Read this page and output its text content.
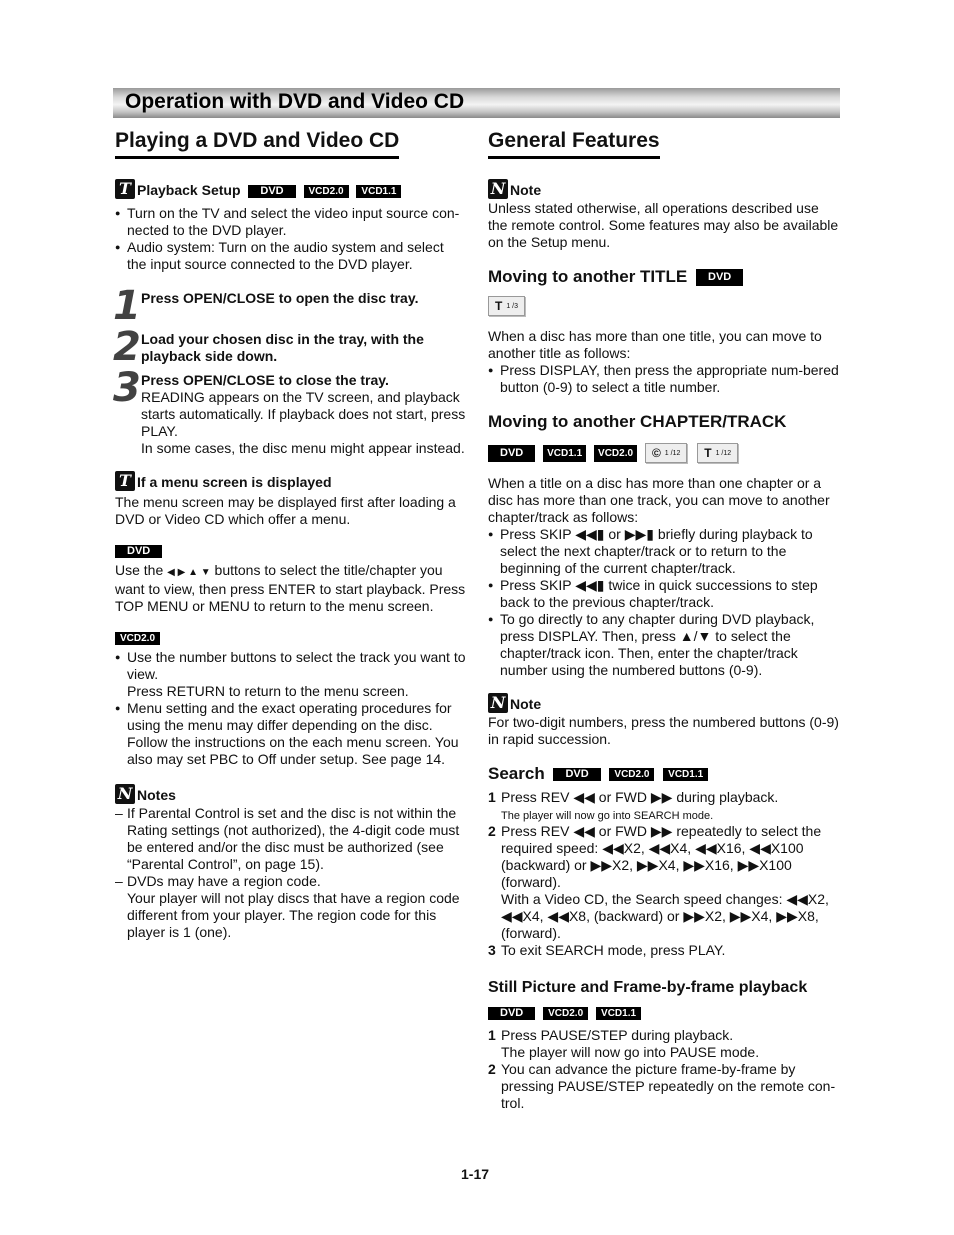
Operation with DVD and Video CD
Playing a DVD and Video CD
T Playback Setup DVD VCD2.0 VCD1.1
● Turn on the TV and select the video input source con-nected to the DVD player.
● Audio system: Turn on the audio system and select the input source connected to the DVD player.
1 Press OPEN/CLOSE to open the disc tray.
2 Load your chosen disc in the tray, with the playback side down.
3 Press OPEN/CLOSE to close the tray.
READING appears on the TV screen, and playback starts automatically. If playback does not start, press PLAY.
In some cases, the disc menu might appear instead.
T If a menu screen is displayed

The menu screen may be displayed first after loading a DVD or Video CD which offer a menu.

DVD

Use the ◀ ▶ ▲ ▼ buttons to select the title/chapter you want to view, then press ENTER to start playback. Press TOP MENU or MENU to return to the menu screen.

VCD2.0
● Use the number buttons to select the track you want to view.
Press RETURN to return to the menu screen.
● Menu setting and the exact operating procedures for using the menu may differ depending on the disc. Follow the instructions on the each menu screen. You also may set PBC to Off under setup. See page 14.
N Notes
– If Parental Control is set and the disc is not within the Rating settings (not authorized), the 4-digit code must be entered and/or the disc must be authorized (see “Parental Control”, on page 15).
– DVDs may have a region code.
Your player will not play discs that have a region code different from your player. The region code for this player is 1 (one).
General Features
N Note

Unless stated otherwise, all operations described use the remote control. Some features may also be available on the Setup menu.

Moving to another TITLE DVD
T 1 /3

When a disc has more than one title, you can move to another title as follows:

● Press DISPLAY, then press the appropriate num-bered button (0-9) to select a title number.
Moving to another CHAPTER/TRACK
DVD VCD1.1 VCD2.0 © 1 /12
T 1 /12

When a title on a disc has more than one chapter or a disc has more than one track, you can move to another chapter/track as follows:

● Press SKIP ◀◀▮ or ▶▶▮ briefly during playback to select the next chapter/track or to return to the beginning of the current chapter/track.
● Press SKIP ◀◀▮ twice in quick successions to step back to the previous chapter/track.
● To go directly to any chapter during DVD playback, press DISPLAY. Then, press ▲/▼ to select the chapter/track icon. Then, enter the chapter/track number using the numbered buttons (0-9).
N Note

For two-digit numbers, press the numbered buttons (0-9) in rapid succession.

Search DVD	VCD2.0 VCD1.1
1 Press REV ◀◀ or FWD ▶▶ during playback.
The player will now go into SEARCH mode.
2 Press REV ◀◀ or FWD ▶▶ repeatedly to select the required speed: ◀◀X2, ◀◀X4, ◀◀X16, ◀◀X100 (backward) or ▶▶X2, ▶▶X4, ▶▶X16, ▶▶X100 (forward).
With a Video CD, the Search speed changes: ◀◀X2, ◀◀X4, ◀◀X8, (backward) or ▶▶X2, ▶▶X4, ▶▶X8, (forward).
3 To exit SEARCH mode, press PLAY.
Still Picture and Frame-by-frame playback
DVD VCD2.0 VCD1.1
1 Press PAUSE/STEP during playback.
The player will now go into PAUSE mode.
2 You can advance the picture frame-by-frame by pressing PAUSE/STEP repeatedly on the remote con-trol.
1-17
